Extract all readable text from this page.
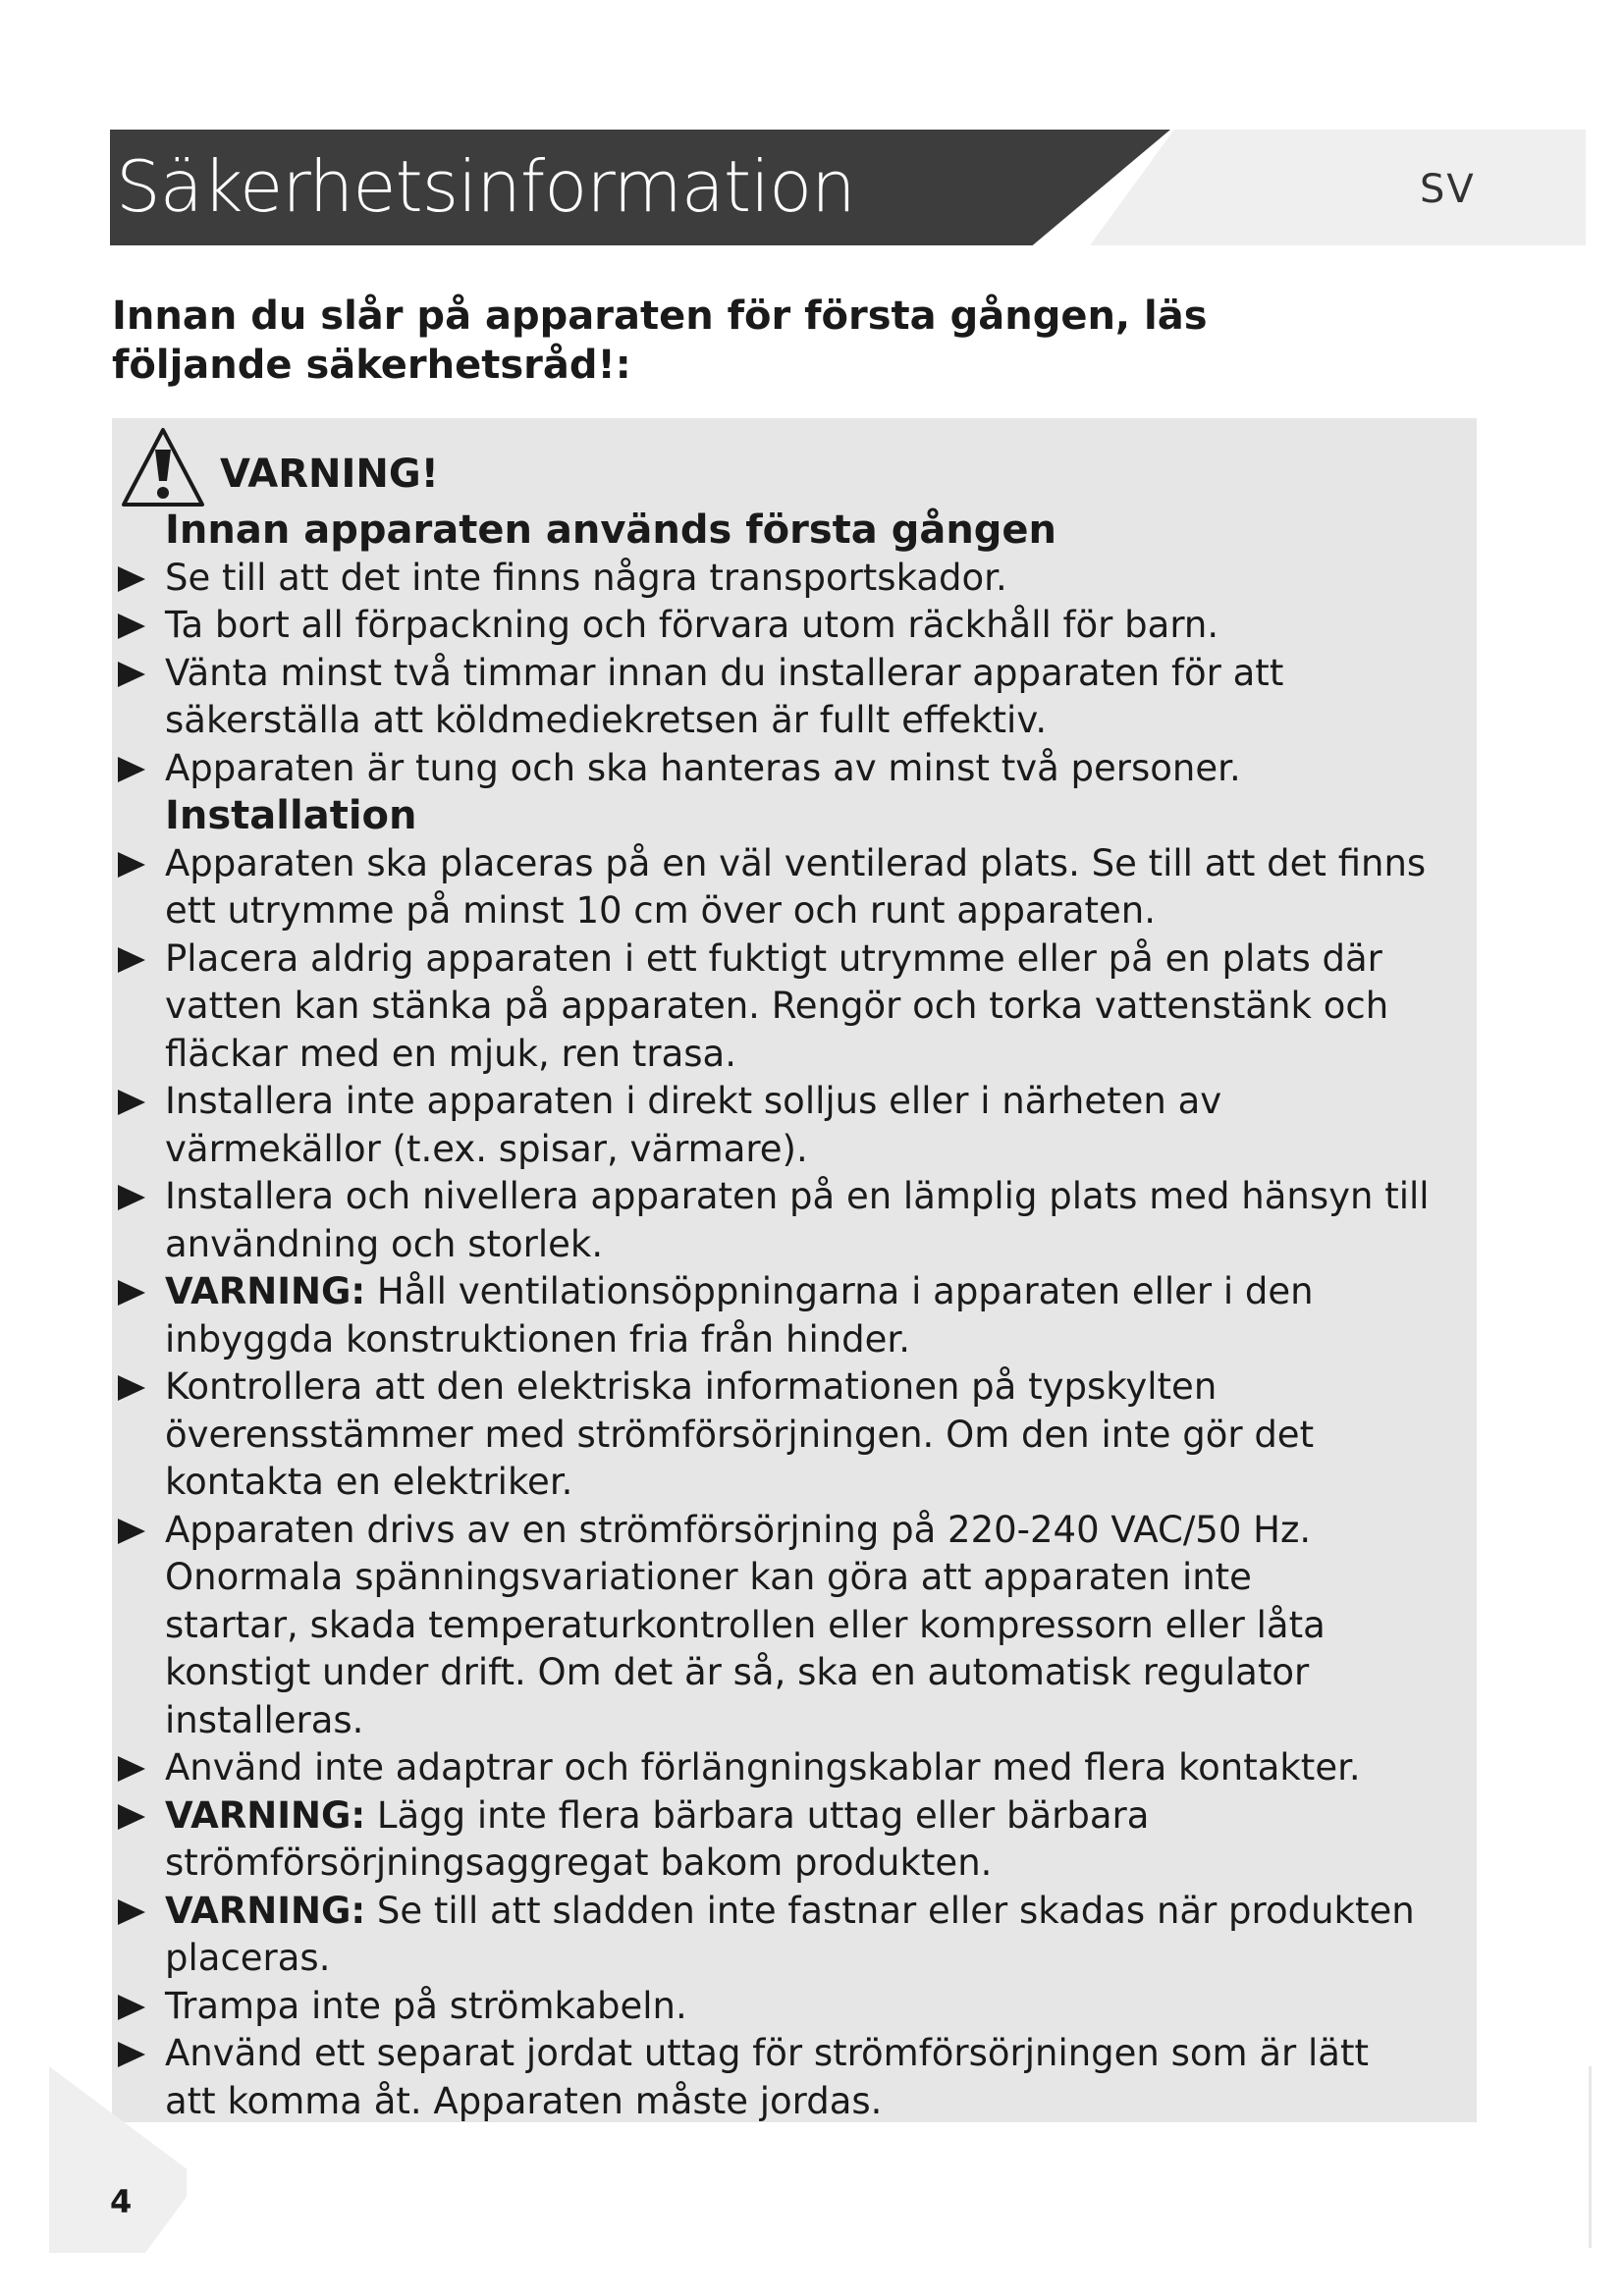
Säkerhetsinformation	SV
Innan du slår på apparaten för första gången, läs följande säkerhetsråd!:
VARNING!
Innan apparaten används första gången
Se till att det inte finns några transportskador.
Ta bort all förpackning och förvara utom räckhåll för barn.
Vänta minst två timmar innan du installerar apparaten för att
säkerställa att köldmediekretsen är fullt effektiv.
Apparaten är tung och ska hanteras av minst två personer.
Installation
Apparaten ska placeras på en väl ventilerad plats. Se till att det finns
ett utrymme på minst 10 cm över och runt apparaten.
Placera aldrig apparaten i ett fuktigt utrymme eller på en plats där
vatten kan stänka på apparaten. Rengör och torka vattenstänk och
fläckar med en mjuk, ren trasa.
Installera inte apparaten i direkt solljus eller i närheten av
värmekällor (t.ex. spisar, värmare).
Installera och nivellera apparaten på en lämplig plats med hänsyn till
användning och storlek.
VARNING: Håll ventilationsöppningarna i apparaten eller i den
inbyggda konstruktionen fria från hinder.
Kontrollera att den elektriska informationen på typskylten
överensstämmer med strömförsörjningen. Om den inte gör det
kontakta en elektriker.
Apparaten drivs av en strömförsörjning på 220-240 VAC/50 Hz.
Onormala spänningsvariationer kan göra att apparaten inte
startar, skada temperaturkontrollen eller kompressorn eller låta
konstigt under drift. Om det är så, ska en automatisk regulator
installeras.
Använd inte adaptrar och förlängningskablar med flera kontakter.
VARNING: Lägg inte flera bärbara uttag eller bärbara
strömförsörjningsaggregat bakom produkten.
VARNING: Se till att sladden inte fastnar eller skadas när produkten
placeras.
Trampa inte på strömkabeln.
Använd ett separat jordat uttag för strömförsörjningen som är lätt
att komma åt. Apparaten måste jordas.
4
